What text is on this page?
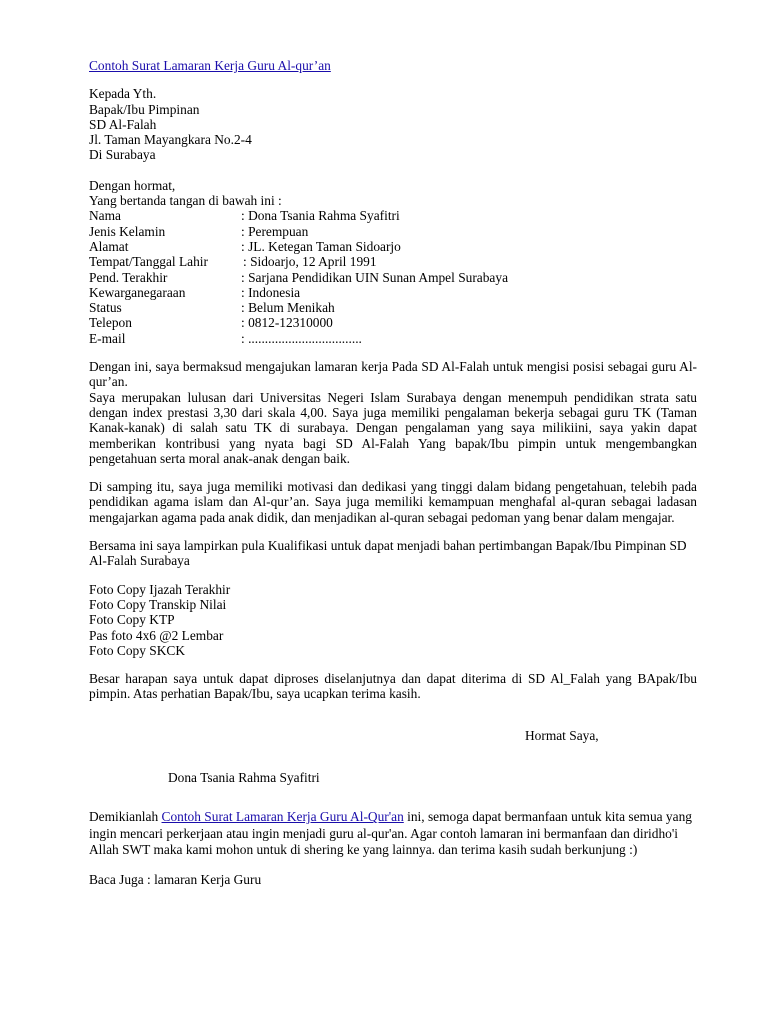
Contoh Surat Lamaran Kerja Guru Al-qur’an
Kepada Yth.
Bapak/Ibu Pimpinan
SD Al-Falah
Jl. Taman Mayangkara No.2-4
Di Surabaya
Dengan hormat,
Yang bertanda tangan di bawah ini :
Nama	: Dona Tsania Rahma Syafitri
Jenis Kelamin	: Perempuan
Alamat	: JL. Ketegan Taman Sidoarjo
Tempat/Tanggal Lahir	: Sidoarjo, 12 April 1991
Pend. Terakhir	: Sarjana Pendidikan UIN Sunan Ampel Surabaya
Kewarganegaraan	: Indonesia
Status	: Belum Menikah
Telepon	: 0812-12310000
E-mail	: ..................................

Dengan ini, saya bermaksud mengajukan lamaran kerja Pada SD Al-Falah untuk mengisi posisi sebagai guru Al-qur’an.

Saya merupakan lulusan dari Universitas Negeri Islam Surabaya dengan menempuh pendidikan strata satu dengan index prestasi 3,30 dari skala 4,00. Saya juga memiliki pengalaman bekerja sebagai guru TK (Taman Kanak-kanak) di salah satu TK di surabaya. Dengan pengalaman yang saya milikiini, saya yakin dapat memberikan kontribusi yang nyata bagi SD Al-Falah Yang bapak/Ibu pimpin untuk mengembangkan pengetahuan serta moral anak-anak dengan baik.

Di samping itu, saya juga memiliki motivasi dan dedikasi yang tinggi dalam bidang pengetahuan, telebih pada pendidikan agama islam dan Al-qur’an. Saya juga memiliki kemampuan menghafal al-quran sebagai ladasan mengajarkan agama pada anak didik, dan menjadikan al-quran sebagai pedoman yang benar dalam mengajar.

Bersama ini saya lampirkan pula Kualifikasi untuk dapat menjadi bahan pertimbangan Bapak/Ibu Pimpinan SD Al-Falah Surabaya

Foto Copy Ijazah Terakhir
Foto Copy Transkip Nilai
Foto Copy KTP
Pas foto 4x6 @2 Lembar
Foto Copy SKCK

Besar harapan saya untuk dapat diproses diselanjutnya dan dapat diterima di SD Al_Falah yang BApak/Ibu pimpin. Atas perhatian Bapak/Ibu, saya ucapkan terima kasih.

Hormat Saya,
Dona Tsania Rahma Syafitri

Demikianlah Contoh Surat Lamaran Kerja Guru Al-Qur'an ini, semoga dapat bermanfaan untuk kita semua yang ingin mencari perkerjaan atau ingin menjadi guru al-qur'an. Agar contoh lamaran ini bermanfaan dan diridho'i Allah SWT maka kami mohon untuk di shering ke yang lainnya. dan terima kasih sudah berkunjung :)

Baca Juga : lamaran Kerja Guru
